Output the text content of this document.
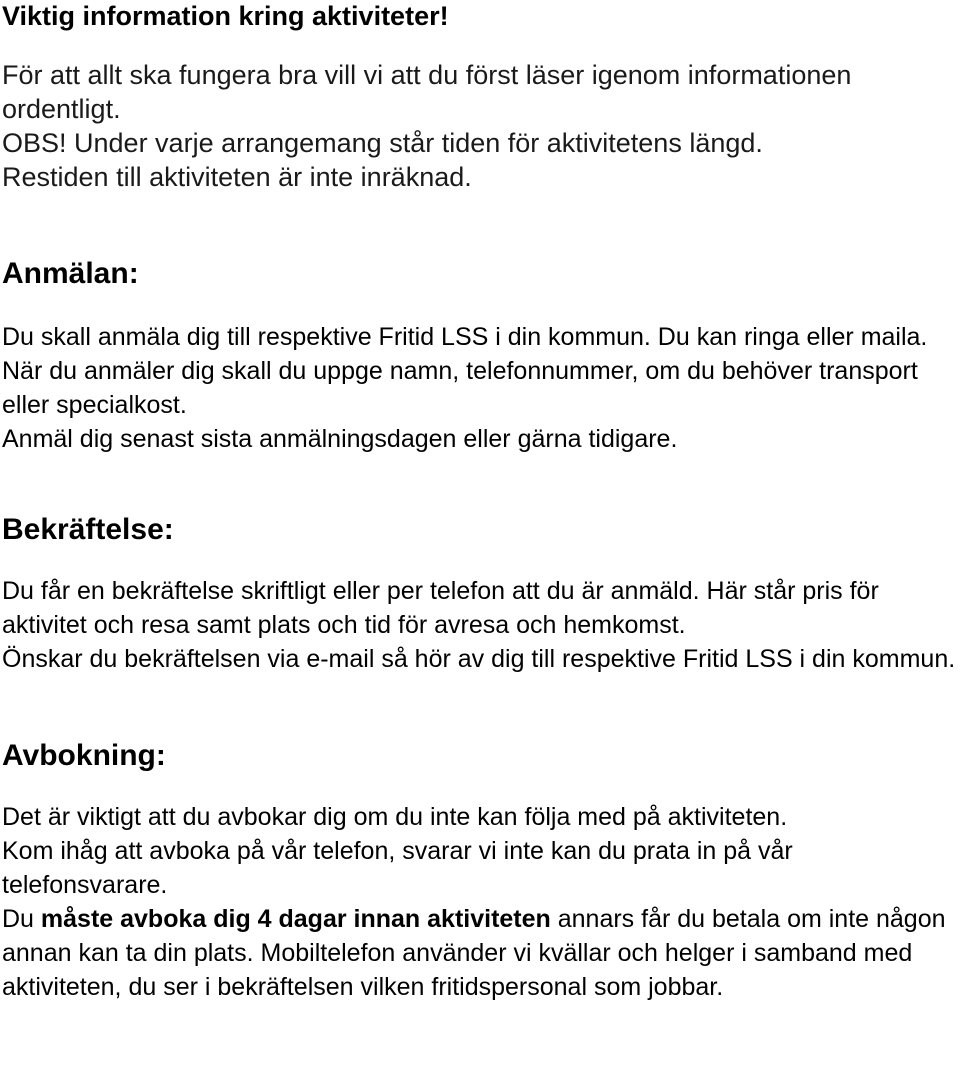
Viktig information kring aktiviteter!

För att allt ska fungera bra vill vi att du först läser igenom informationen ordentligt.

OBS! Under varje arrangemang står tiden för aktivitetens längd.

Restiden till aktiviteten är inte inräknad.

Anmälan:

Du skall anmäla dig till respektive Fritid LSS i din kommun. Du kan ringa eller maila. När du anmäler dig skall du uppge namn, telefonnummer, om du behöver transport eller specialkost.

Anmäl dig senast sista anmälningsdagen eller gärna tidigare.

Bekräftelse:

Du får en bekräftelse skriftligt eller per telefon att du är anmäld. Här står pris för aktivitet och resa samt plats och tid för avresa och hemkomst.

Önskar du bekräftelsen via e-mail så hör av dig till respektive Fritid LSS i din kommun.

Avbokning:

Det är viktigt att du avbokar dig om du inte kan följa med på aktiviteten.

Kom ihåg att avboka på vår telefon, svarar vi inte kan du prata in på vår telefonsvarare.

Du måste avboka dig 4 dagar innan aktiviteten annars får du betala om inte någon annan kan ta din plats. Mobiltelefon använder vi kvällar och helger i samband med aktiviteten, du ser i bekräftelsen vilken fritidspersonal som jobbar.
